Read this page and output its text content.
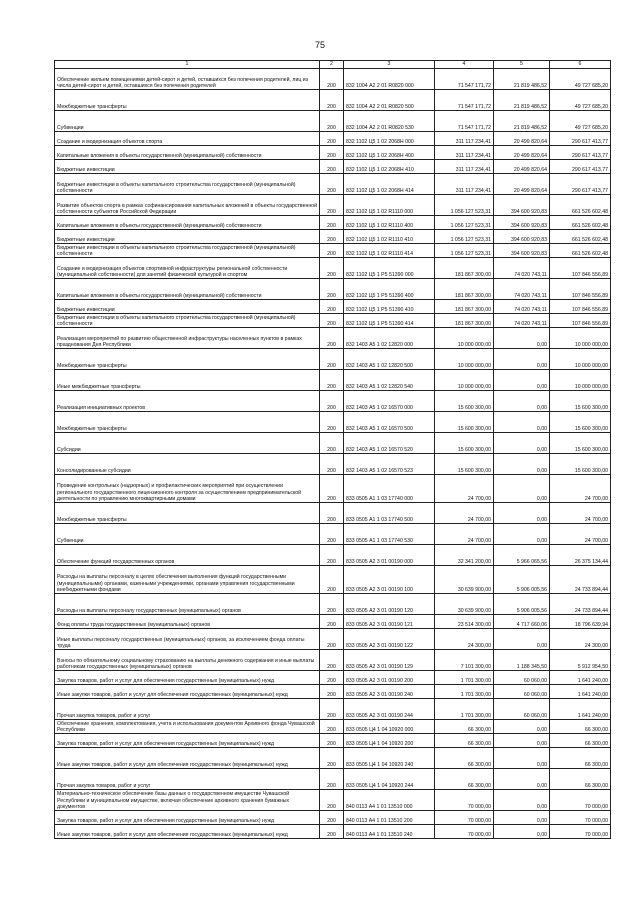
75
1	2	3	4	5	6
Обеспечение жильем помещениями детей-сирот и детей, оставшихся без попечения родителей, лиц из числа детей-сирот и детей, оставшихся без попечения родителей	200	832 1004 А2 2 01 R0820 000	71 547 171,72	21 819 486,52	49 727 685,20
Межбюджетные трансферты	200	832 1004 А2 2 01 R0820 500	71 547 171,72	21 819 486,52	49 727 685,20
Субвенции	200	832 1004 А2 2 01 R0820 530	71 547 171,72	21 819 486,52	49 727 685,20
Создание и модернизация объектов спорта	200	832 1102 Ц5 1 02 2068Н 000	311 117 234,41	20 499 820,64	290 617 413,77
Капитальные вложения в объекты государственной (муниципальной) собственности	200	832 1102 Ц5 1 02 2068Н 400	311 117 234,41	20 499 820,64	290 617 413,77
Бюджетные инвестиции	200	832 1102 Ц5 1 02 2068Н 410	311 117 234,41	20 499 820,64	290 617 413,77
Бюджетные инвестиции в объекты капитального строительства государственной (муниципальной) собственности	200	832 1102 Ц5 1 02 2068Н 414	311 117 234,41	20 499 820,64	290 617 413,77
Развитие объектов спорта в рамках софинансирования капитальных вложений в объекты государственной собственности субъектов Российской Федерации	200	832 1102 Ц5 1 02 R1110 000	1 056 127 523,31	394 600 920,83	661 526 602,48
Капитальные вложения в объекты государственной (муниципальной) собственности	200	832 1102 Ц5 1 02 R1110 400	1 056 127 523,31	394 600 920,83	661 526 602,48
Бюджетные инвестиции	200	832 1102 Ц5 1 02 R1110 410	1 056 127 523,31	394 600 920,83	661 526 602,48
Бюджетные инвестиции в объекты капитального строительства государственной (муниципальной) собственности	200	832 1102 Ц5 1 02 R1110 414	1 056 127 523,31	394 600 920,83	661 526 602,48
Создание и модернизация объектов спортивной инфраструктуры региональной собственности (муниципальной собственности) для занятий физической культурой и спортом	200	832 1102 Ц5 1 Р5 51390 000	181 867 300,00	74 020 743,11	107 846 556,89
Капитальные вложения в объекты государственной (муниципальной) собственности	200	832 1102 Ц5 1 Р5 51390 400	181 867 300,00	74 020 743,11	107 846 556,89
Бюджетные инвестиции	200	832 1102 Ц5 1 Р5 51390 410	181 867 300,00	74 020 743,11	107 846 556,89
Бюджетные инвестиции в объекты капитального строительства государственной (муниципальной) собственности	200	832 1102 Ц5 1 Р5 51390 414	181 867 300,00	74 020 743,11	107 846 556,89
Реализация мероприятий по развитию общественной инфраструктуры населенных пунктов в рамках празднования Дня Республики	200	832 1403 А5 1 02 12820 000	10 000 000,00	0,00	10 000 000,00
Межбюджетные трансферты	200	832 1403 А5 1 02 12820 500	10 000 000,00	0,00	10 000 000,00
Иные межбюджетные трансферты	200	832 1403 А5 1 02 12820 540	10 000 000,00	0,00	10 000 000,00
Реализация инициативных проектов	200	832 1403 А5 1 02 16570 000	15 600 300,00	0,00	15 600 300,00
Межбюджетные трансферты	200	832 1403 А5 1 02 16570 500	15 600 300,00	0,00	15 600 300,00
Субсидии	200	832 1403 А5 1 02 16570 520	15 600 300,00	0,00	15 600 300,00
Консолидированные субсидии	200	832 1403 А5 1 02 16570 523	15 600 300,00	0,00	15 600 300,00
Проведение контрольных (надзорных) и профилактических мероприятий при осуществлении регионального государственного лицензионного контроля за осуществлением предпринимательской деятельности по управлению многоквартирными домами	200	833 0505 А1 1 03 17740 000	24 700,00	0,00	24 700,00
Межбюджетные трансферты	200	833 0505 А1 1 03 17740 500	24 700,00	0,00	24 700,00
Субвенции	200	833 0505 А1 1 03 17740 530	24 700,00	0,00	24 700,00
Обеспечение функций государственных органов	200	833 0505 А2 3 01 00190 000	32 341 200,00	5 966 065,56	26 375 134,44
Расходы на выплаты персоналу в целях обеспечения выполнения функций государственными (муниципальными) органами, казенными учреждениями, органами управления государственными внебюджетными фондами	200	833 0505 А2 3 01 00190 100	30 639 900,00	5 906 005,56	24 733 894,44
Расходы на выплаты персоналу государственных (муниципальных) органов	200	833 0505 А2 3 01 00190 120	30 639 900,00	5 906 005,56	24 733 894,44
Фонд оплаты труда государственных (муниципальных) органов	200	833 0505 А2 3 01 00190 121	23 514 300,00	4 717 660,06	18 796 639,94
Иные выплаты персоналу государственных (муниципальных) органов, за исключением фонда оплаты труда	200	833 0505 А2 3 01 00190 122	24 300,00	0,00	24 300,00
Взносы по обязательному социальному страхованию на выплаты денежного содержания и иные выплаты работникам государственных (муниципальных) органов	200	833 0505 А2 3 01 00190 129	7 101 300,00	1 188 345,50	5 912 954,50
Закупка товаров, работ и услуг для обеспечения государственных (муниципальных) нужд	200	833 0505 А2 3 01 00190 200	1 701 300,00	60 060,00	1 641 240,00
Иные закупки товаров, работ и услуг для обеспечения государственных (муниципальных) нужд	200	833 0505 А2 3 01 00190 240	1 701 300,00	60 060,00	1 641 240,00
Прочая закупка товаров, работ и услуг	200	833 0505 А2 3 01 00190 244	1 701 300,00	60 060,00	1 641 240,00
Обеспечение хранения, комплектования, учета и использования документов Архивного фонда Чувашской Республики	200	833 0505 Ц4 1 04 10920 000	66 300,00	0,00	66 300,00
Закупка товаров, работ и услуг для обеспечения государственных (муниципальных) нужд	200	833 0505 Ц4 1 04 10920 200	66 300,00	0,00	66 300,00
Иные закупки товаров, работ и услуг для обеспечения государственных (муниципальных) нужд	200	833 0505 Ц4 1 04 10920 240	66 300,00	0,00	66 300,00
Прочая закупка товаров, работ и услуг	200	833 0505 Ц4 1 04 10920 244	66 300,00	0,00	66 300,00
Материально-техническое обеспечение базы данных о государственном имуществе Чувашской Республики и муниципальном имуществе, включая обеспечение архивного хранения бумажных документов	200	840 0113 А4 1 01 13510 000	70 000,00	0,00	70 000,00
Закупка товаров, работ и услуг для обеспечения государственных (муниципальных) нужд	200	840 0113 А4 1 01 13510 200	70 000,00	0,00	70 000,00
Иные закупки товаров, работ и услуг для обеспечения государственных (муниципальных) нужд	200	840 0113 А4 1 01 13510 240	70 000,00	0,00	70 000,00
